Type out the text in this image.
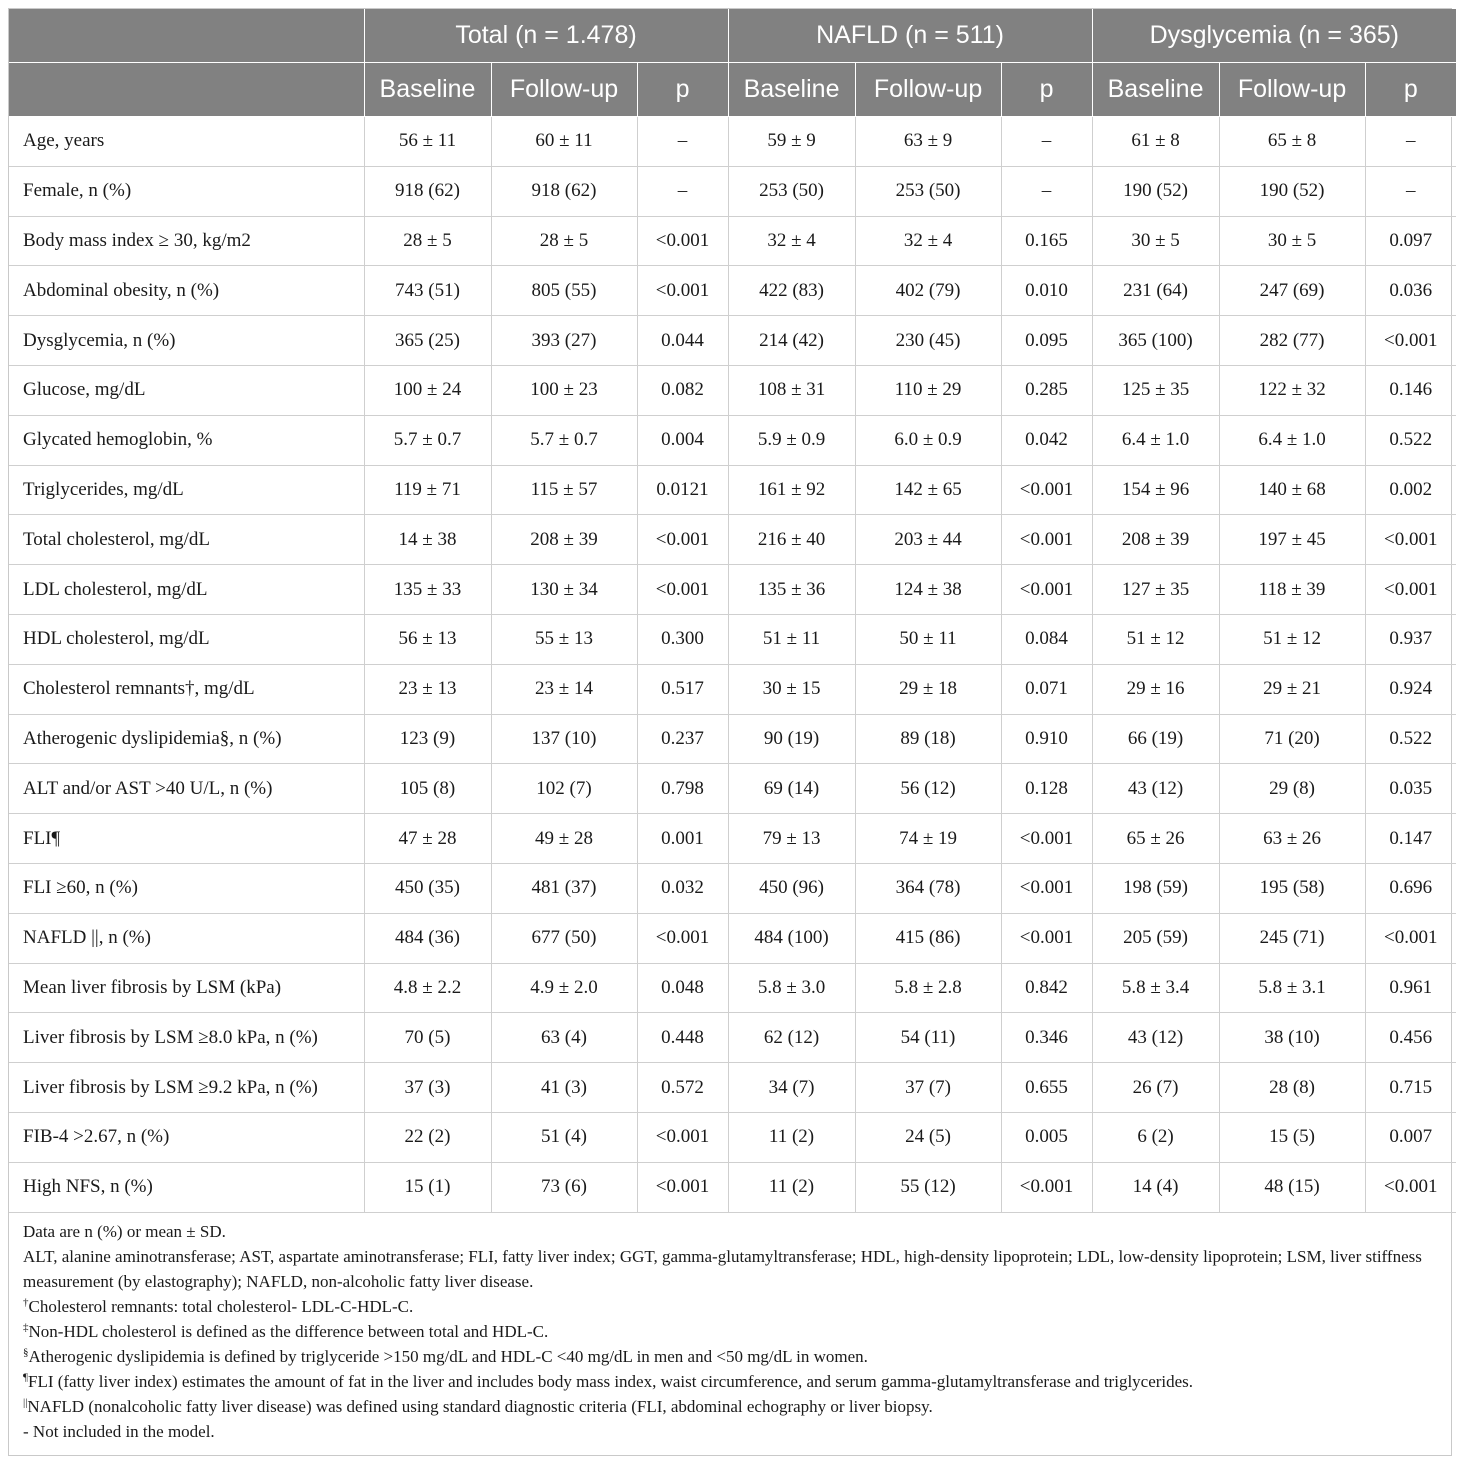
	Total (n = 1.478)			NAFLD (n = 511)			Dysglycemia (n = 365)		
	Baseline	Follow-up	p	Baseline	Follow-up	p	Baseline	Follow-up	p
Age, years	56 ± 11	60 ± 11	–	59 ± 9	63 ± 9	–	61 ± 8	65 ± 8	–
Female, n (%)	918 (62)	918 (62)	–	253 (50)	253 (50)	–	190 (52)	190 (52)	–
Body mass index ≥ 30, kg/m2	28 ± 5	28 ± 5	<0.001	32 ± 4	32 ± 4	0.165	30 ± 5	30 ± 5	0.097
Abdominal obesity, n (%)	743 (51)	805 (55)	<0.001	422 (83)	402 (79)	0.010	231 (64)	247 (69)	0.036
Dysglycemia, n (%)	365 (25)	393 (27)	0.044	214 (42)	230 (45)	0.095	365 (100)	282 (77)	<0.001
Glucose, mg/dL	100 ± 24	100 ± 23	0.082	108 ± 31	110 ± 29	0.285	125 ± 35	122 ± 32	0.146
Glycated hemoglobin, %	5.7 ± 0.7	5.7 ± 0.7	0.004	5.9 ± 0.9	6.0 ± 0.9	0.042	6.4 ± 1.0	6.4 ± 1.0	0.522
Triglycerides, mg/dL	119 ± 71	115 ± 57	0.0121	161 ± 92	142 ± 65	<0.001	154 ± 96	140 ± 68	0.002
Total cholesterol, mg/dL	14 ± 38	208 ± 39	<0.001	216 ± 40	203 ± 44	<0.001	208 ± 39	197 ± 45	<0.001
LDL cholesterol, mg/dL	135 ± 33	130 ± 34	<0.001	135 ± 36	124 ± 38	<0.001	127 ± 35	118 ± 39	<0.001
HDL cholesterol, mg/dL	56 ± 13	55 ± 13	0.300	51 ± 11	50 ± 11	0.084	51 ± 12	51 ± 12	0.937
Cholesterol remnants†, mg/dL	23 ± 13	23 ± 14	0.517	30 ± 15	29 ± 18	0.071	29 ± 16	29 ± 21	0.924
Atherogenic dyslipidemia§, n (%)	123 (9)	137 (10)	0.237	90 (19)	89 (18)	0.910	66 (19)	71 (20)	0.522
ALT and/or AST >40 U/L, n (%)	105 (8)	102 (7)	0.798	69 (14)	56 (12)	0.128	43 (12)	29 (8)	0.035
FLI¶	47 ± 28	49 ± 28	0.001	79 ± 13	74 ± 19	<0.001	65 ± 26	63 ± 26	0.147
FLI ≥60, n (%)	450 (35)	481 (37)	0.032	450 (96)	364 (78)	<0.001	198 (59)	195 (58)	0.696
NAFLD ||, n (%)	484 (36)	677 (50)	<0.001	484 (100)	415 (86)	<0.001	205 (59)	245 (71)	<0.001
Mean liver fibrosis by LSM (kPa)	4.8 ± 2.2	4.9 ± 2.0	0.048	5.8 ± 3.0	5.8 ± 2.8	0.842	5.8 ± 3.4	5.8 ± 3.1	0.961
Liver fibrosis by LSM ≥8.0 kPa, n (%)	70 (5)	63 (4)	0.448	62 (12)	54 (11)	0.346	43 (12)	38 (10)	0.456
Liver fibrosis by LSM ≥9.2 kPa, n (%)	37 (3)	41 (3)	0.572	34 (7)	37 (7)	0.655	26 (7)	28 (8)	0.715
FIB-4 >2.67, n (%)	22 (2)	51 (4)	<0.001	11 (2)	24 (5)	0.005	6 (2)	15 (5)	0.007
High NFS, n (%)	15 (1)	73 (6)	<0.001	11 (2)	55 (12)	<0.001	14 (4)	48 (15)	<0.001

Data are n (%) or mean ± SD.

ALT, alanine aminotransferase; AST, aspartate aminotransferase; FLI, fatty liver index; GGT, gamma-glutamyltransferase; HDL, high-density lipoprotein; LDL, low-density lipoprotein; LSM, liver stiffness measurement (by elastography); NAFLD, non-alcoholic fatty liver disease.

†Cholesterol remnants: total cholesterol- LDL-C-HDL-C.

‡Non-HDL cholesterol is defined as the difference between total and HDL-C.

§Atherogenic dyslipidemia is defined by triglyceride >150 mg/dL and HDL-C <40 mg/dL in men and <50 mg/dL in women.

¶FLI (fatty liver index) estimates the amount of fat in the liver and includes body mass index, waist circumference, and serum gamma-glutamyltransferase and triglycerides.

||NAFLD (nonalcoholic fatty liver disease) was defined using standard diagnostic criteria (FLI, abdominal echography or liver biopsy.

- Not included in the model.
